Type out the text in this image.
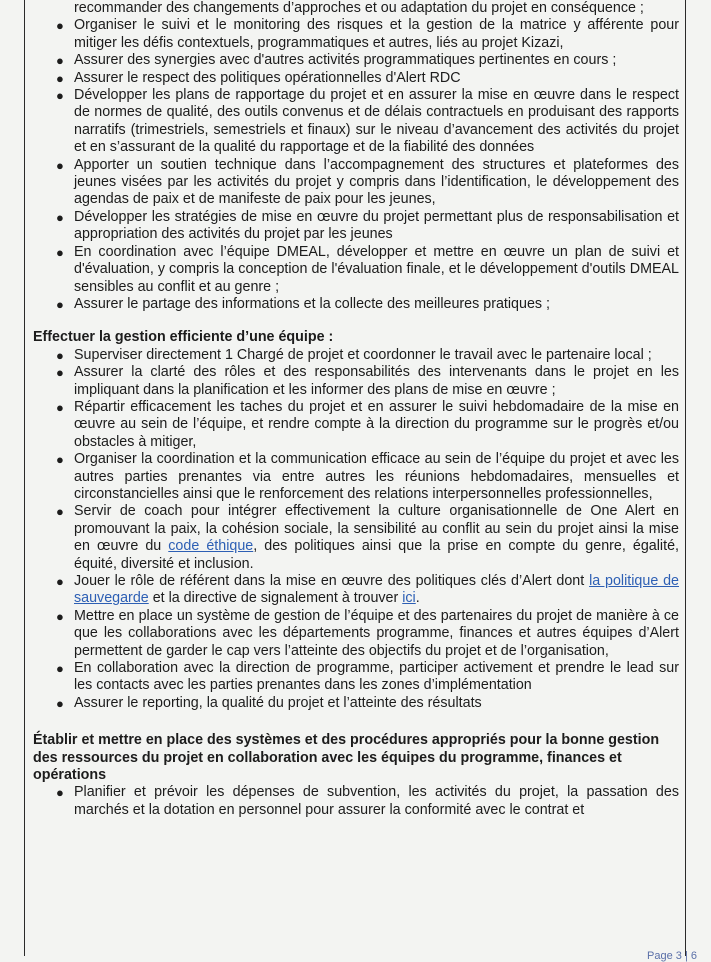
recommander des changements d’approches et ou adaptation du projet en conséquence ;
● Organiser le suivi et le monitoring des risques et la gestion de la matrice y afférente pour mitiger les défis contextuels, programmatiques et autres, liés au projet Kizazi,
● Assurer des synergies avec d'autres activités programmatiques pertinentes en cours ;
● Assurer le respect des politiques opérationnelles d'Alert RDC
● Développer les plans de rapportage du projet et en assurer la mise en œuvre dans le respect de normes de qualité, des outils convenus et de délais contractuels en produisant des rapports narratifs (trimestriels, semestriels et finaux) sur le niveau d’avancement des activités du projet et en s’assurant de la qualité du rapportage et de la fiabilité des données
● Apporter un soutien technique dans l’accompagnement des structures et plateformes des jeunes visées par les activités du projet y compris dans l’identification, le développement des agendas de paix et de manifeste de paix pour les jeunes,
● Développer les stratégies de mise en œuvre du projet permettant plus de responsabilisation et appropriation des activités du projet par les jeunes
● En coordination avec l’équipe DMEAL, développer et mettre en œuvre un plan de suivi et d'évaluation, y compris la conception de l'évaluation finale, et le développement d'outils DMEAL sensibles au conflit et au genre ;
● Assurer le partage des informations et la collecte des meilleures pratiques ;

Effectuer la gestion efficiente d’une équipe :

● Superviser directement 1 Chargé de projet et coordonner le travail avec le partenaire local ;
● Assurer la clarté des rôles et des responsabilités des intervenants dans le projet en les impliquant dans la planification et les informer des plans de mise en œuvre ;
● Répartir efficacement les taches du projet et en assurer le suivi hebdomadaire de la mise en œuvre au sein de l’équipe, et rendre compte à la direction du programme sur le progrès et/ou obstacles à mitiger,
● Organiser la coordination et la communication efficace au sein de l’équipe du projet et avec les autres parties prenantes via entre autres les réunions hebdomadaires, mensuelles et circonstancielles ainsi que le renforcement des relations interpersonnelles professionnelles,
● Servir de coach pour intégrer effectivement la culture organisationnelle de One Alert en promouvant la paix, la cohésion sociale, la sensibilité au conflit au sein du projet ainsi la mise en œuvre du code éthique, des politiques ainsi que la prise en compte du genre, égalité, équité, diversité et inclusion.
● Jouer le rôle de référent dans la mise en œuvre des politiques clés d’Alert dont la politique de sauvegarde et la directive de signalement à trouver ici.
● Mettre en place un système de gestion de l’équipe et des partenaires du projet de manière à ce que les collaborations avec les départements programme, finances et autres équipes d’Alert permettent de garder le cap vers l’atteinte des objectifs du projet et de l’organisation,
● En collaboration avec la direction de programme, participer activement et prendre le lead sur les contacts avec les parties prenantes dans les zones d’implémentation
● Assurer le reporting, la qualité du projet et l’atteinte des résultats

Établir et mettre en place des systèmes et des procédures appropriés pour la bonne gestion des ressources du projet en collaboration avec les équipes du programme, finances et opérations

● Planifier et prévoir les dépenses de subvention, les activités du projet, la passation des marchés et la dotation en personnel pour assurer la conformité avec le contrat et
Page 3 | 6
